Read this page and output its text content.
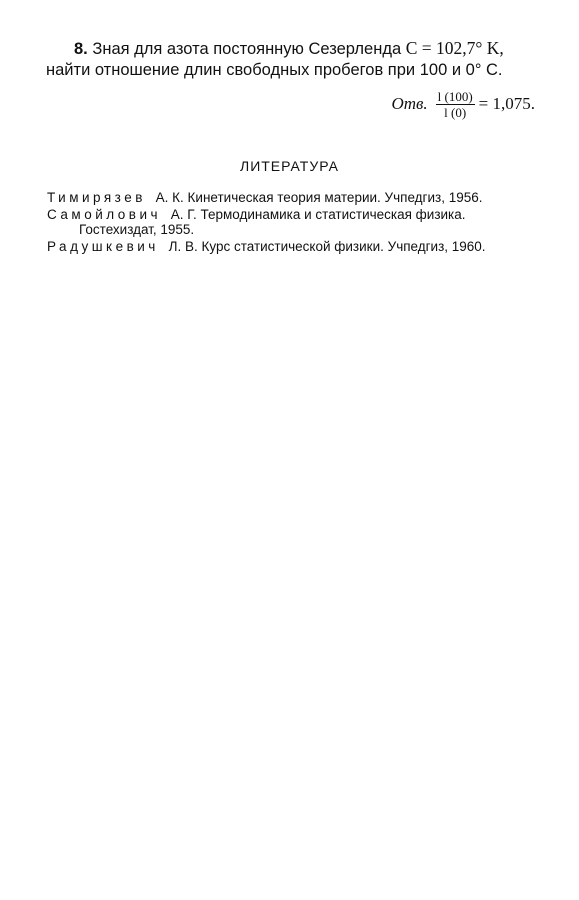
8. Зная для азота постоянную Сезерленда C = 102,7° K,
найти отношение длин свободных пробегов при 100 и 0° С.
Отв. $\frac{l (100)}{l (0)} = 1,075$.
ЛИТЕРАТУРА

Тимирязев А. К. Кинетическая теория материи. Учпедгиз, 1956.

Самойлович А. Г. Термодинамика и статистическая физика. Гостехиздат, 1955.

Радушкевич Л. В. Курс статистической физики. Учпедгиз, 1960.
